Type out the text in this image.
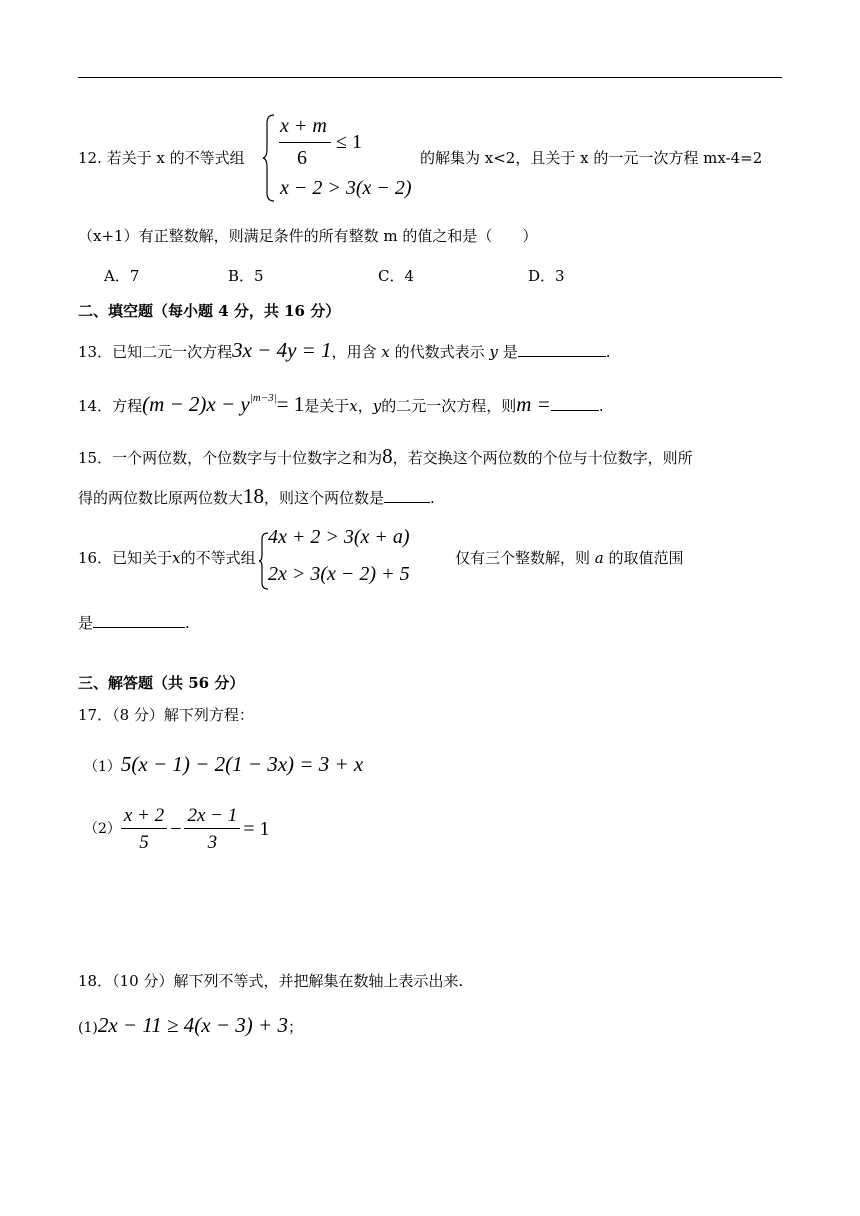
12. 若关于 x 的不等式组
x + m
6
≤ 1
x − 2 > 3(x − 2)
的解集为 x<2，且关于 x 的一元一次方程 mx-4=2
（x+1）有正整数解，则满足条件的所有整数 m 的值之和是（　　）
A．7	B．5	C．4	D．3
二、填空题（每小题 4 分，共 16 分）
13．已知二元一次方程3x − 4y = 1，用含 x 的代数式表示 y 是	.
14．方程$(m - 2)x - y^{|m-3|}= 1$是关于x，y的二元一次方程，则m =	.
15．一个两位数，个位数字与十位数字之和为8，若交换这个两位数的个位与十位数字，则所
得的两位数比原两位数大18，则这个两位数是	.
16．已知关于x的不等式组
4x + 2 > 3(x + a)
2x > 3(x − 2) + 5
仅有三个整数解，则 a 的取值范围
是	.
三、解答题（共 56 分）
17．（8 分）解下列方程：
（1）5(x − 1) − 2(1 − 3x) = 3 + x
$(2) \frac{x + 2}{5} - \frac{2x - 1}{3} = 1$
18．（10 分）解下列不等式，并把解集在数轴上表示出来.
(1)2x − 11 ≥ 4(x − 3) + 3；
